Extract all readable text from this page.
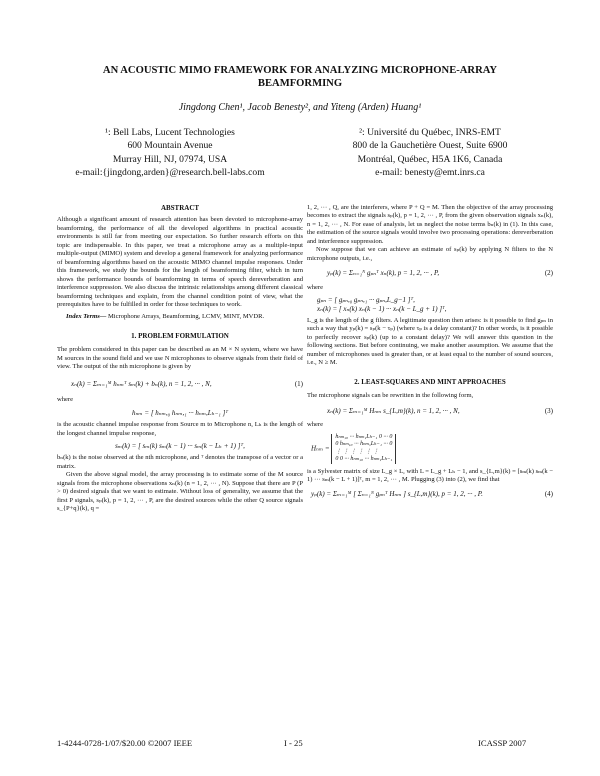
AN ACOUSTIC MIMO FRAMEWORK FOR ANALYZING MICROPHONE-ARRAY BEAMFORMING
Jingdong Chen¹, Jacob Benesty², and Yiteng (Arden) Huang¹
¹: Bell Labs, Lucent Technologies
600 Mountain Avenue
Murray Hill, NJ, 07974, USA
e-mail:{jingdong,arden}@research.bell-labs.com
²: Université du Québec, INRS-EMT
800 de la Gauchetière Ouest, Suite 6900
Montréal, Québec, H5A 1K6, Canada
e-mail: benesty@emt.inrs.ca

ABSTRACT

Although a significant amount of research attention has been devoted to microphone-array beamforming, the performance of all the developed algorithms in practical acoustic environments is still far from meeting our expectation. So further research efforts on this topic are indispensable. In this paper, we treat a microphone array as a multiple-input multiple-output (MIMO) system and develop a general framework for analyzing performance of beamforming algorithms based on the acoustic MIMO channel impulse responses. Under this framework, we study the bounds for the length of beamforming filter, which in turn shows the performance bounds of beamforming in terms of speech dereverberation and interference suppression. We also discuss the intrinsic relationships among different classical beamforming techniques and explain, from the channel condition point of view, what the prerequisites have to be fulfilled in order for those techniques to work.

Index Terms— Microphone Arrays, Beamforming, LCMV, MINT, MVDR.

1. PROBLEM FORMULATION

The problem considered in this paper can be described as an M × N system, where we have M sources in the sound field and we use N microphones to observe signals from their field of view. The output of the nth microphone is given by

xₙ(k) = Σₘ₌₁ᴹ hₙₘᵀ sₘ(k) + bₙ(k), n = 1, 2, ··· , N,	(1)

where

hₙₘ = [ hₙₘ,₀ hₙₘ,₁ ··· hₙₘ,Lₕ₋₁ ]ᵀ

is the acoustic channel impulse response from Source m to Microphone n, Lₕ is the length of the longest channel impulse response,

sₘ(k) = [ sₘ(k) sₘ(k − 1) ··· sₘ(k − Lₕ + 1) ]ᵀ,

bₙ(k) is the noise observed at the nth microphone, and ᵀ denotes the transpose of a vector or a matrix.

Given the above signal model, the array processing is to estimate some of the M source signals from the microphone observations xₙ(k) (n = 1, 2, ··· , N). Suppose that there are P (P > 0) desired signals that we want to estimate. Without loss of generality, we assume that the first P signals, sₚ(k), p = 1, 2, ··· , P, are the desired sources while the other Q source signals s_{P+q}(k), q =

1, 2, ··· , Q, are the interferers, where P + Q = M. Then the objective of the array processing becomes to extract the signals sₚ(k), p = 1, 2, ··· , P, from the given observation signals xₙ(k), n = 1, 2, ··· , N. For ease of analysis, let us neglect the noise terms bₙ(k) in (1). In this case, the estimation of the source signals would involve two processing operations: dereverberation and interference suppression.

Now suppose that we can achieve an estimate of sₚ(k) by applying N filters to the N microphone outputs, i.e.,

yₚ(k) = Σₙ₌₁ᴺ gₚₙᵀ xₙ(k), p = 1, 2, ··· , P,	(2)

where

gₚₙ = [ gₚₙ,₀ gₚₙ,₁ ··· gₚₙ,L_g−1 ]ᵀ,

xₙ(k) = [ xₙ(k) xₙ(k − 1) ··· xₙ(k − L_g + 1) ]ᵀ,

L_g is the length of the g filters. A legitimate question then arises: is it possible to find gₚₙ in such a way that yₚ(k) = sₚ(k − τₚ) (where τₚ is a delay constant)? In other words, is it possible to perfectly recover sₚ(k) (up to a constant delay)? We will answer this question in the following sections. But before continuing, we make another assumption. We assume that the number of microphones used is greater than, or at least equal to the number of sound sources, i.e., N ≥ M.

2. LEAST-SQUARES AND MINT APPROACHES

The microphone signals can be rewritten in the following form,

xₙ(k) = Σₘ₌₁ᴹ Hₙₘ s_{L,m}(k), n = 1, 2, ··· , N,	(3)

where

Hₙₘ =
hₙₘ,₀ ··· hₙₘ,Lₕ₋₁ 0 ··· 0
0 hₙₘ,₀ ··· hₙₘ,Lₕ₋₁ ··· 0
⋮ ⋮ ⋮ ⋮ ⋮ ⋮
0 0 ··· hₙₘ,₀ ··· hₙₘ,Lₕ₋₁

is a Sylvester matrix of size L_g × L, with L = L_g + Lₕ − 1, and s_{L,m}(k) = [sₘ(k) sₘ(k − 1) ··· sₘ(k − L + 1)]ᵀ, m = 1, 2, ··· , M. Plugging (3) into (2), we find that

yₚ(k) = Σₘ₌₁ᴹ [ Σₙ₌₁ᴺ gₚₙᵀ Hₙₘ ] s_{L,m}(k), p = 1, 2, ··· , P.	(4)

1-4244-0728-1/07/$20.00 ©2007 IEEE	I - 25	ICASSP 2007
